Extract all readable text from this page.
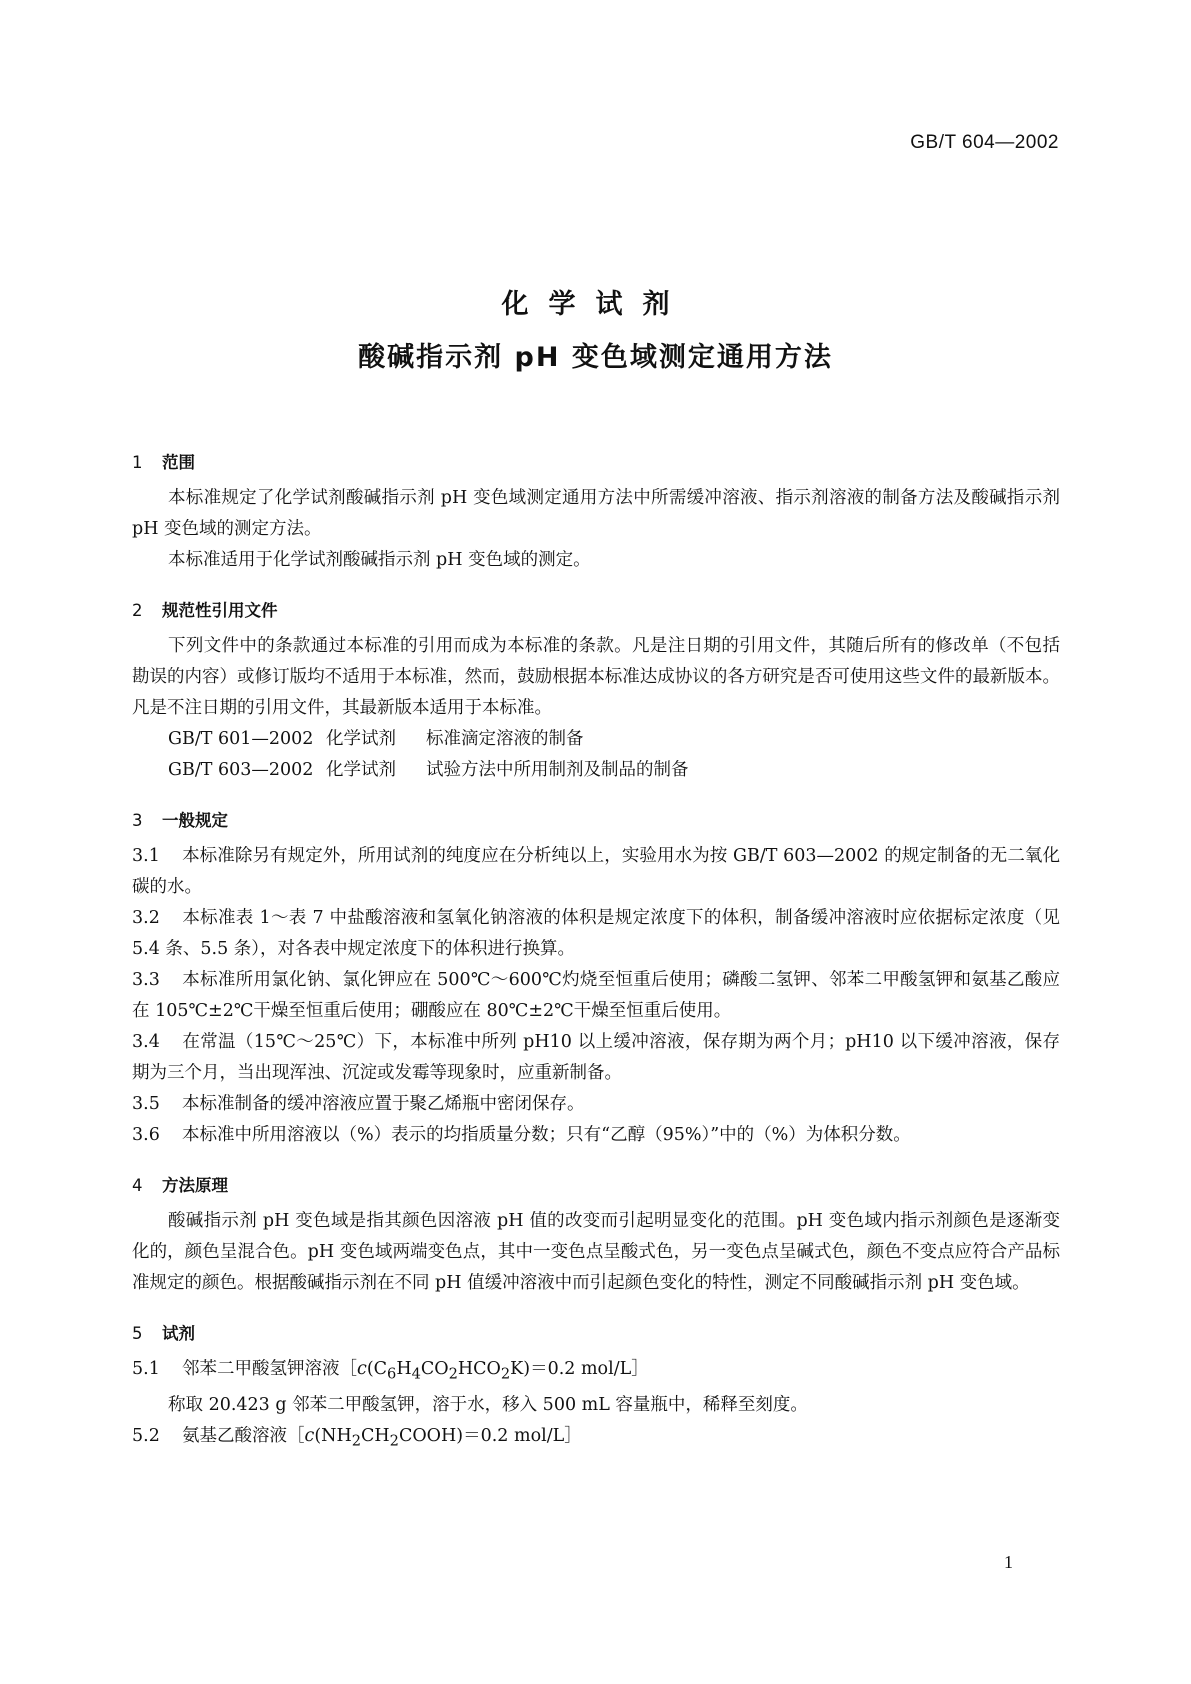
GB/T 604—2002
化学试剂
酸碱指示剂 pH 变色域测定通用方法
1 范围

本标准规定了化学试剂酸碱指示剂 pH 变色域测定通用方法中所需缓冲溶液、指示剂溶液的制备方法及酸碱指示剂 pH 变色域的测定方法。

本标准适用于化学试剂酸碱指示剂 pH 变色域的测定。

2 规范性引用文件

下列文件中的条款通过本标准的引用而成为本标准的条款。凡是注日期的引用文件，其随后所有的修改单（不包括勘误的内容）或修订版均不适用于本标准，然而，鼓励根据本标准达成协议的各方研究是否可使用这些文件的最新版本。凡是不注日期的引用文件，其最新版本适用于本标准。

GB/T 601—2002 化学试剂 标准滴定溶液的制备
GB/T 603—2002 化学试剂 试验方法中所用制剂及制品的制备
3 一般规定

3.1 本标准除另有规定外，所用试剂的纯度应在分析纯以上，实验用水为按 GB/T 603—2002 的规定制备的无二氧化碳的水。

3.2 本标准表 1～表 7 中盐酸溶液和氢氧化钠溶液的体积是规定浓度下的体积，制备缓冲溶液时应依据标定浓度（见 5.4 条、5.5 条），对各表中规定浓度下的体积进行换算。

3.3 本标准所用氯化钠、氯化钾应在 500℃～600℃灼烧至恒重后使用；磷酸二氢钾、邻苯二甲酸氢钾和氨基乙酸应在 105℃±2℃干燥至恒重后使用；硼酸应在 80℃±2℃干燥至恒重后使用。

3.4 在常温（15℃～25℃）下，本标准中所列 pH10 以上缓冲溶液，保存期为两个月；pH10 以下缓冲溶液，保存期为三个月，当出现浑浊、沉淀或发霉等现象时，应重新制备。

3.5 本标准制备的缓冲溶液应置于聚乙烯瓶中密闭保存。

3.6 本标准中所用溶液以（%）表示的均指质量分数；只有“乙醇（95%）”中的（%）为体积分数。

4 方法原理

酸碱指示剂 pH 变色域是指其颜色因溶液 pH 值的改变而引起明显变化的范围。pH 变色域内指示剂颜色是逐渐变化的，颜色呈混合色。pH 变色域两端变色点，其中一变色点呈酸式色，另一变色点呈碱式色，颜色不变点应符合产品标准规定的颜色。根据酸碱指示剂在不同 pH 值缓冲溶液中而引起颜色变化的特性，测定不同酸碱指示剂 pH 变色域。

5 试剂

5.1 邻苯二甲酸氢钾溶液$[c(C_6H_4CO_2HCO_2K)=0.2$ mol/L］

称取 20.423 g 邻苯二甲酸氢钾，溶于水，移入 500 mL 容量瓶中，稀释至刻度。

5.2 氨基乙酸溶液$[c(NH_2CH_2COOH)=0.2$ mol/L］

1
